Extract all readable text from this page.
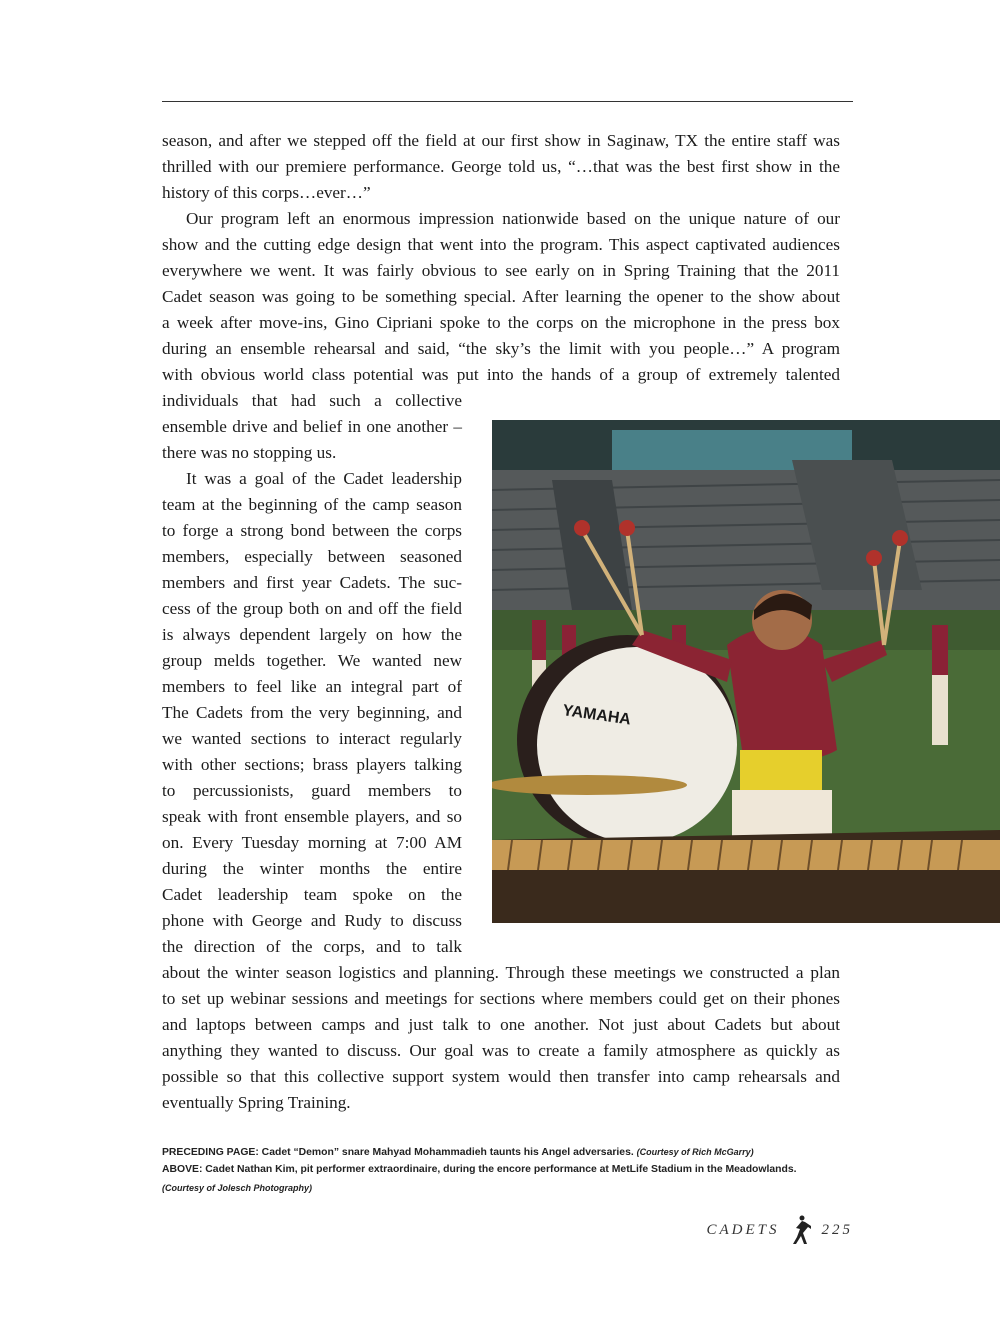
season, and after we stepped off the field at our first show in Saginaw, TX the entire staff was
thrilled with our premiere performance. George told us, “…that was the best first show in the
history of this corps…ever…”
Our program left an enormous impression nationwide based on the unique nature of our
show and the cutting edge design that went into the program. This aspect captivated audiences
everywhere we went. It was fairly obvious to see early on in Spring Training that the 2011
Cadet season was going to be something special. After learning the opener to the show about
a week after move-ins, Gino Cipriani spoke to the corps on the microphone in the press box
during an ensemble rehearsal and said, “the sky’s the limit with you people…” A program
with obvious world class potential was put into the hands of a group of extremely talented
individuals that had such a collective
ensemble drive and belief in one another –
there was no stopping us.
It was a goal of the Cadet leadership
team at the beginning of the camp season
to forge a strong bond between the corps
members, especially between seasoned
members and first year Cadets. The suc-
cess of the group both on and off the field
is always dependent largely on how the
group melds together. We wanted new
members to feel like an integral part of
The Cadets from the very beginning, and
we wanted sections to interact regularly
with other sections; brass players talking
to percussionists, guard members to
speak with front ensemble players, and so
on. Every Tuesday morning at 7:00 AM
during the winter months the entire
Cadet leadership team spoke on the
phone with George and Rudy to discuss
the direction of the corps, and to talk
about the winter season logistics and planning. Through these meetings we constructed a plan
to set up webinar sessions and meetings for sections where members could get on their phones
and laptops between camps and just talk to one another. Not just about Cadets but about
anything they wanted to discuss. Our goal was to create a family atmosphere as quickly as
possible so that this collective support system would then transfer into camp rehearsals and
eventually Spring Training.
YAMAHA
PRECEDING PAGE: Cadet “Demon” snare Mahyad Mohammadieh taunts his Angel adversaries. (Courtesy of Rich McGarry)
ABOVE: Cadet Nathan Kim, pit performer extraordinaire, during the encore performance at MetLife Stadium in the Meadowlands.
(Courtesy of Jolesch Photography)
CADETS	225
